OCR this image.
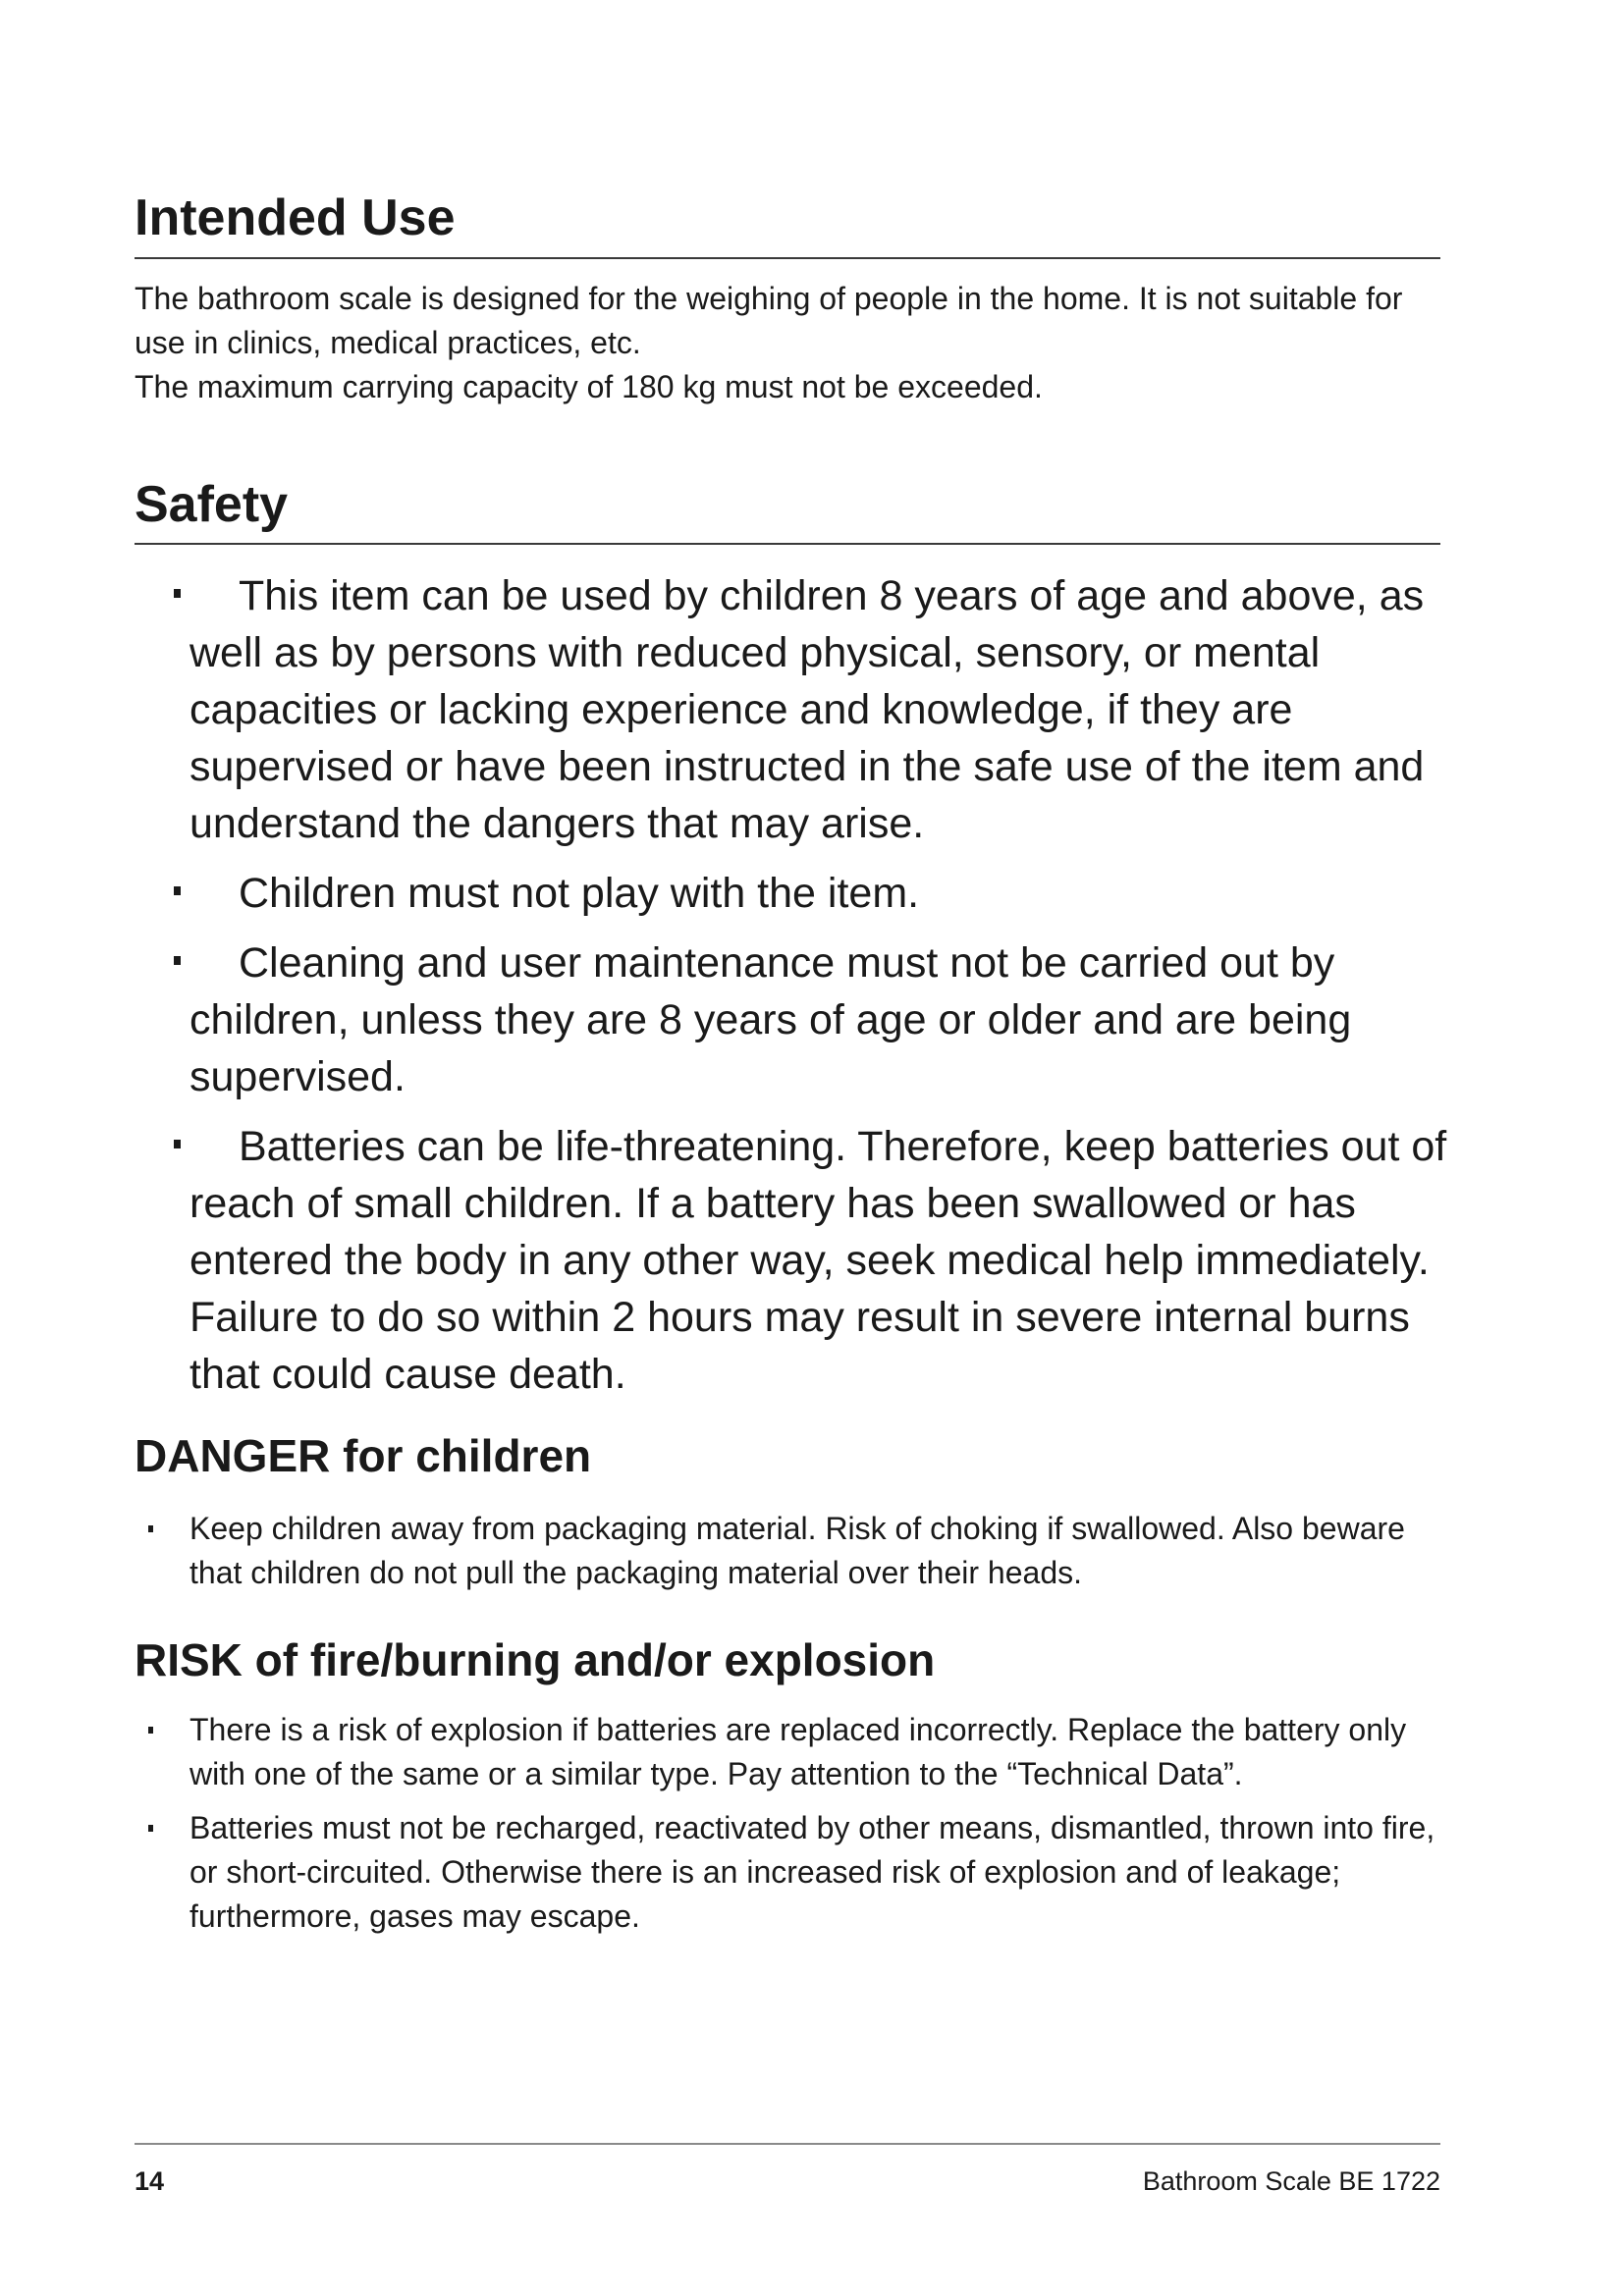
Intended Use

The bathroom scale is designed for the weighing of people in the home. It is not suitable for use in clinics, medical practices, etc.

The maximum carrying capacity of 180 kg must not be exceeded.

Safety
This item can be used by children 8 years of age and above, as well as by persons with reduced physical, sensory, or mental capacities or lacking experience and knowledge, if they are supervised or have been instructed in the safe use of the item and understand the dangers that may arise.
Children must not play with the item.
Cleaning and user maintenance must not be carried out by children, unless they are 8 years of age or older and are being supervised.
Batteries can be life-threatening. Therefore, keep batteries out of reach of small children. If a battery has been swallowed or has entered the body in any other way, seek medical help immediately. Failure to do so within 2 hours may result in severe internal burns that could cause death.
DANGER for children
Keep children away from packaging material. Risk of choking if swallowed. Also beware that children do not pull the packaging material over their heads.
RISK of fire/burning and/or explosion
There is a risk of explosion if batteries are replaced incorrectly. Replace the battery only with one of the same or a similar type. Pay attention to the “Technical Data”.
Batteries must not be recharged, reactivated by other means, dismantled, thrown into fire, or short-circuited. Otherwise there is an increased risk of explosion and of leakage; furthermore, gases may escape.
14	Bathroom Scale BE 1722
